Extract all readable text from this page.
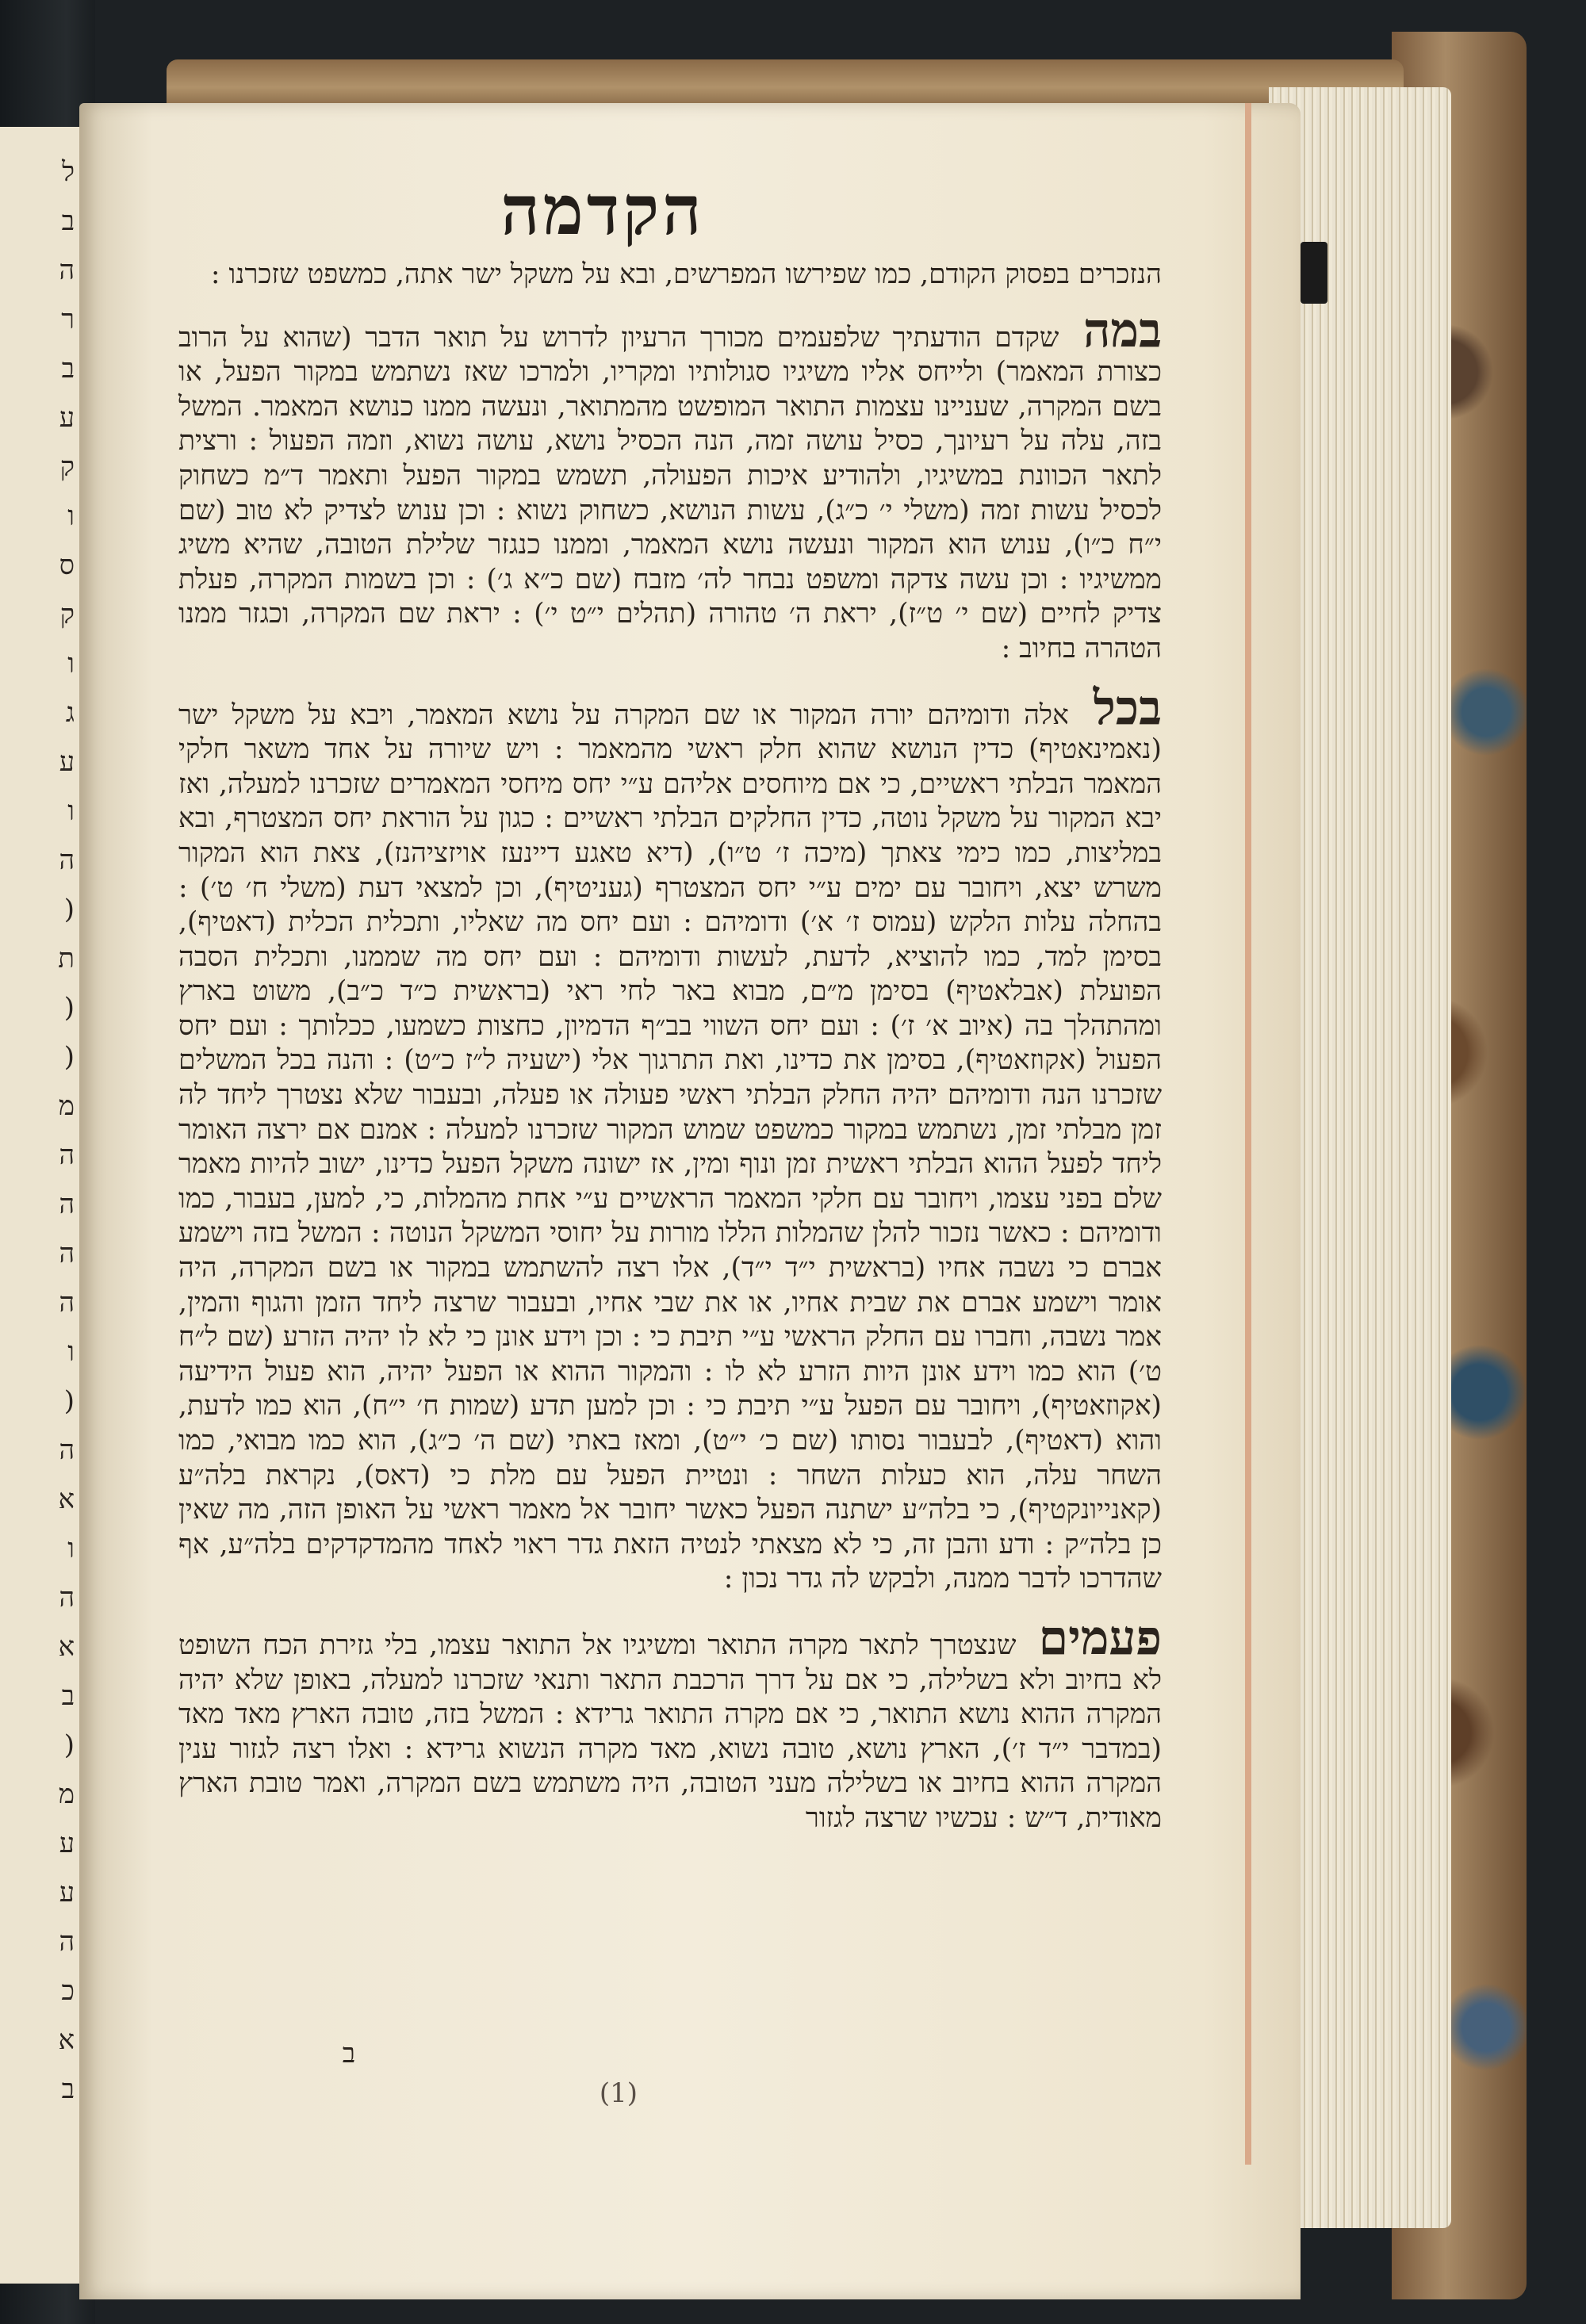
ל
ב
ה
ר
ב
ע
ק
ו
ס
ק
ו
ג
ע
ו
ה
(
ת
(
(
מ
ה
ה
ה
ה
ו
(
ה
א
ו
ה
א
ב
(
מ
ע
ע
ה
כ
א
ב
הקדמה

הנזכרים בפסוק הקודם, כמו שפירשו המפרשים, ובא על משקל ישר אתה, כמשפט שזכרנו :

במה שקדם הודעתיך שלפעמים מכורך הרעיון לדרוש על תואר הדבר (שהוא על הרוב כצורת המאמר) ולייחס אליו משיגיו סגולותיו ומקריו, ולמרכו שאז נשתמש במקור הפעל, או בשם המקרה, שעניינו עצמות התואר המופשט מהמתואר, ונעשה ממנו כנושא המאמר. המשל בזה, עלה על רעיונך, כסיל עושה זמה, הנה הכסיל נושא, עושה נשוא, וזמה הפעול : ורצית לתאר הכוונת במשיגיו, ולהודיע איכות הפעולה, תשמש במקור הפעל ותאמר ד״מ כשחוק לכסיל עשות זמה (משלי י׳ כ״ג), עשות הנושא, כשחוק נשוא : וכן ענוש לצדיק לא טוב (שם י״ח כ״ו), ענוש הוא המקור ונעשה נושא המאמר, וממנו כנגזר שלילת הטובה, שהיא משיג ממשיגיו : וכן עשה צדקה ומשפט נבחר לה׳ מזבח (שם כ״א ג׳) : וכן בשמות המקרה, פעלת צדיק לחיים (שם י׳ ט״ז), יראת ה׳ טהורה (תהלים י״ט י׳) : יראת שם המקרה, וכגזר ממנו הטהרה בחיוב :

בכל אלה ודומיהם יורה המקור או שם המקרה על נושא המאמר, ויבא על משקל ישר (נאמינאטיף) כדין הנושא שהוא חלק ראשי מהמאמר : ויש שיורה על אחד משאר חלקי המאמר הבלתי ראשיים, כי אם מיוחסים אליהם ע״י יחס מיחסי המאמרים שזכרנו למעלה, ואז יבא המקור על משקל נוטה, כדין החלקים הבלתי ראשיים : כגון על הוראת יחס המצטרף, ובא במליצות, כמו כימי צאתך (מיכה ז׳ ט״ו), (דיא טאגע דיינעז אויזציהנז), צאת הוא המקור משרש יצא, ויחובר עם ימים ע״י יחס המצטרף (געניטיף), וכן למצאי דעת (משלי ח׳ ט׳) : בהחלה עלות הלקש (עמוס ז׳ א׳) ודומיהם : ועם יחס מה שאליו, ותכלית הכלית (דאטיף), בסימן למד, כמו להוציא, לדעת, לעשות ודומיהם : ועם יחס מה שממנו, ותכלית הסבה הפועלת (אבלאטיף) בסימן מ״ם, מבוא באר לחי ראי (בראשית כ״ד כ״ב), משוט בארץ ומהתהלך בה (איוב א׳ ז׳) : ועם יחס השווי בב״ף הדמיון, כחצות כשמעו, ככלותך : ועם יחס הפעול (אקוזאטיף), בסימן את כדינו, ואת התרגוך אלי (ישעיה ל״ז כ״ט) : והנה בכל המשלים שזכרנו הנה ודומיהם יהיה החלק הבלתי ראשי פעולה או פעלה, ובעבור שלא נצטרך ליחד לה זמן מבלתי זמן, נשתמש במקור כמשפט שמוש המקור שזכרנו למעלה : אמנם אם ירצה האומר ליחד לפעל ההוא הבלתי ראשית זמן ונוף ומין, אז ישונה משקל הפעל כדינו, ישוב להיות מאמר שלם בפני עצמו, ויחובר עם חלקי המאמר הראשיים ע״י אחת מהמלות, כי, למען, בעבור, כמו ודומיהם : כאשר נזכור להלן שהמלות הללו מורות על יחוסי המשקל הנוטה : המשל בזה וישמע אברם כי נשבה אחיו (בראשית י״ד י״ד), אלו רצה להשתמש במקור או בשם המקרה, היה אומר וישמע אברם את שבית אחיו, או את שבי אחיו, ובעבור שרצה ליחד הזמן והגוף והמין, אמר נשבה, וחברו עם החלק הראשי ע״י תיבת כי : וכן וידע אונן כי לא לו יהיה הזרע (שם ל״ח ט׳) הוא כמו וידע אונן היות הזרע לא לו : והמקור ההוא או הפעל יהיה, הוא פעול הידיעה (אקוזאטיף), ויחובר עם הפעל ע״י תיבת כי : וכן למען תדע (שמות ח׳ י״ח), הוא כמו לדעת, והוא (דאטיף), לבעבור נסותו (שם כ׳ י״ט), ומאז באתי (שם ה׳ כ״ג), הוא כמו מבואי, כמו השחר עלה, הוא כעלות השחר : ונטיית הפעל עם מלת כי (דאס), נקראת בלה״ע (קאנייונקטיף), כי בלה״ע ישתנה הפעל כאשר יחובר אל מאמר ראשי על האופן הזה, מה שאין כן בלה״ק : ודע והבן זה, כי לא מצאתי לנטיה הזאת גדר ראוי לאחד מהמדקדקים בלה״ע, אף שהדרכו לדבר ממנה, ולבקש לה גדר נכון :

פעמים שנצטרך לתאר מקרה התואר ומשיגיו אל התואר עצמו, בלי גזירת הכח השופט לא בחיוב ולא בשלילה, כי אם על דרך הרכבת התאר ותנאי שזכרנו למעלה, באופן שלא יהיה המקרה ההוא נושא התואר, כי אם מקרה התואר גרידא : המשל בזה, טובה הארץ מאד מאד (במדבר י״ד ז׳), הארץ נושא, טובה נשוא, מאד מקרה הנשוא גרידא : ואלו רצה לגזור ענין המקרה ההוא בחיוב או בשלילה מעני הטובה, היה משתמש בשם המקרה, ואמר טובת הארץ מאודית, ד״ש : עכשיו שרצה לגזור

ב
(1)
